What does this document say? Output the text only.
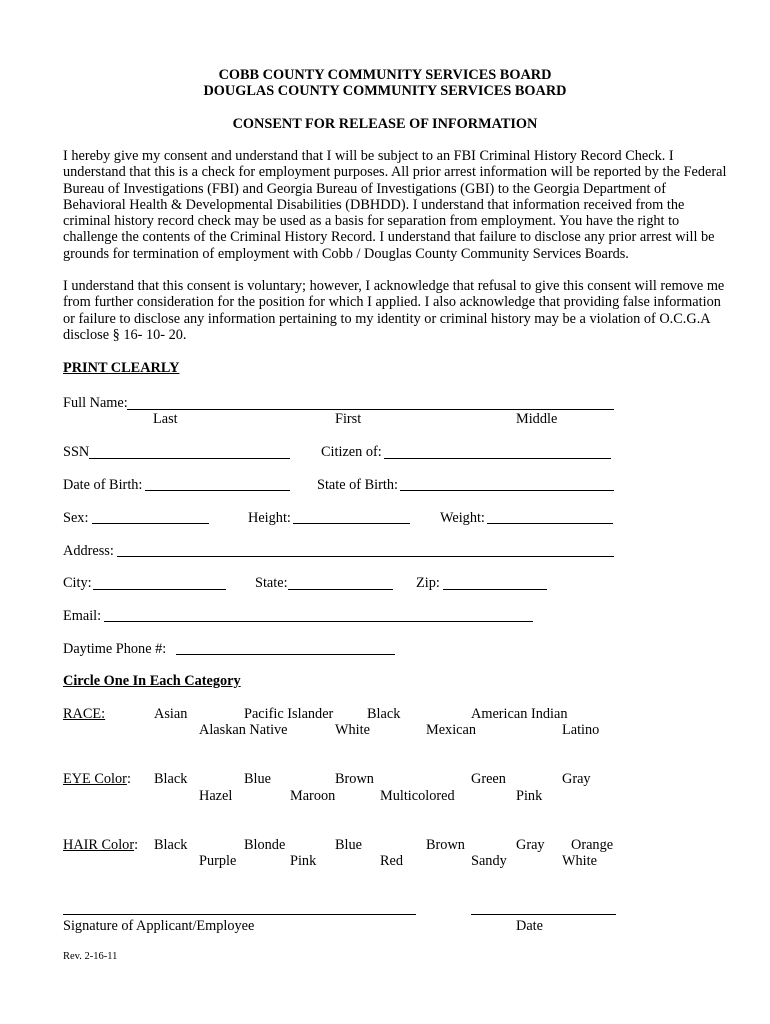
COBB COUNTY COMMUNITY SERVICES BOARD
DOUGLAS COUNTY COMMUNITY SERVICES BOARD
CONSENT FOR RELEASE OF INFORMATION
I hereby give my consent and understand that I will be subject to an FBI Criminal History Record Check. I
understand that this is a check for employment purposes. All prior arrest information will be reported by the Federal
Bureau of Investigations (FBI) and Georgia Bureau of Investigations (GBI) to the Georgia Department of
Behavioral Health & Developmental Disabilities (DBHDD). I understand that information received from the
criminal history record check may be used as a basis for separation from employment. You have the right to
challenge the contents of the Criminal History Record. I understand that failure to disclose any prior arrest will be
grounds for termination of employment with Cobb / Douglas County Community Services Boards.
I understand that this consent is voluntary; however, I acknowledge that refusal to give this consent will remove me
from further consideration for the position for which I applied. I also acknowledge that providing false information
or failure to disclose any information pertaining to my identity or criminal history may be a violation of O.C.G.A
disclose § 16- 10- 20.
PRINT CLEARLY
Full Name:
Last	First	Middle
SSN	Citizen of:
Date of Birth:	State of Birth:
Sex:	Height:	Weight:
Address:
City:	State:	Zip:
Email:
Daytime Phone #:
Circle One In Each Category
RACE:	Asian	Pacific Islander Black	American Indian
Alaskan Native	White	Mexican	Latino
EYE Color: Black	Blue	Brown	Green	Gray
Hazel	Maroon	Multicolored	Pink
HAIR Color: Black	Blonde	Blue	Brown	Gray Orange
Purple	Pink	Red	Sandy	White
Signature of Applicant/Employee	Date
Rev. 2-16-11
